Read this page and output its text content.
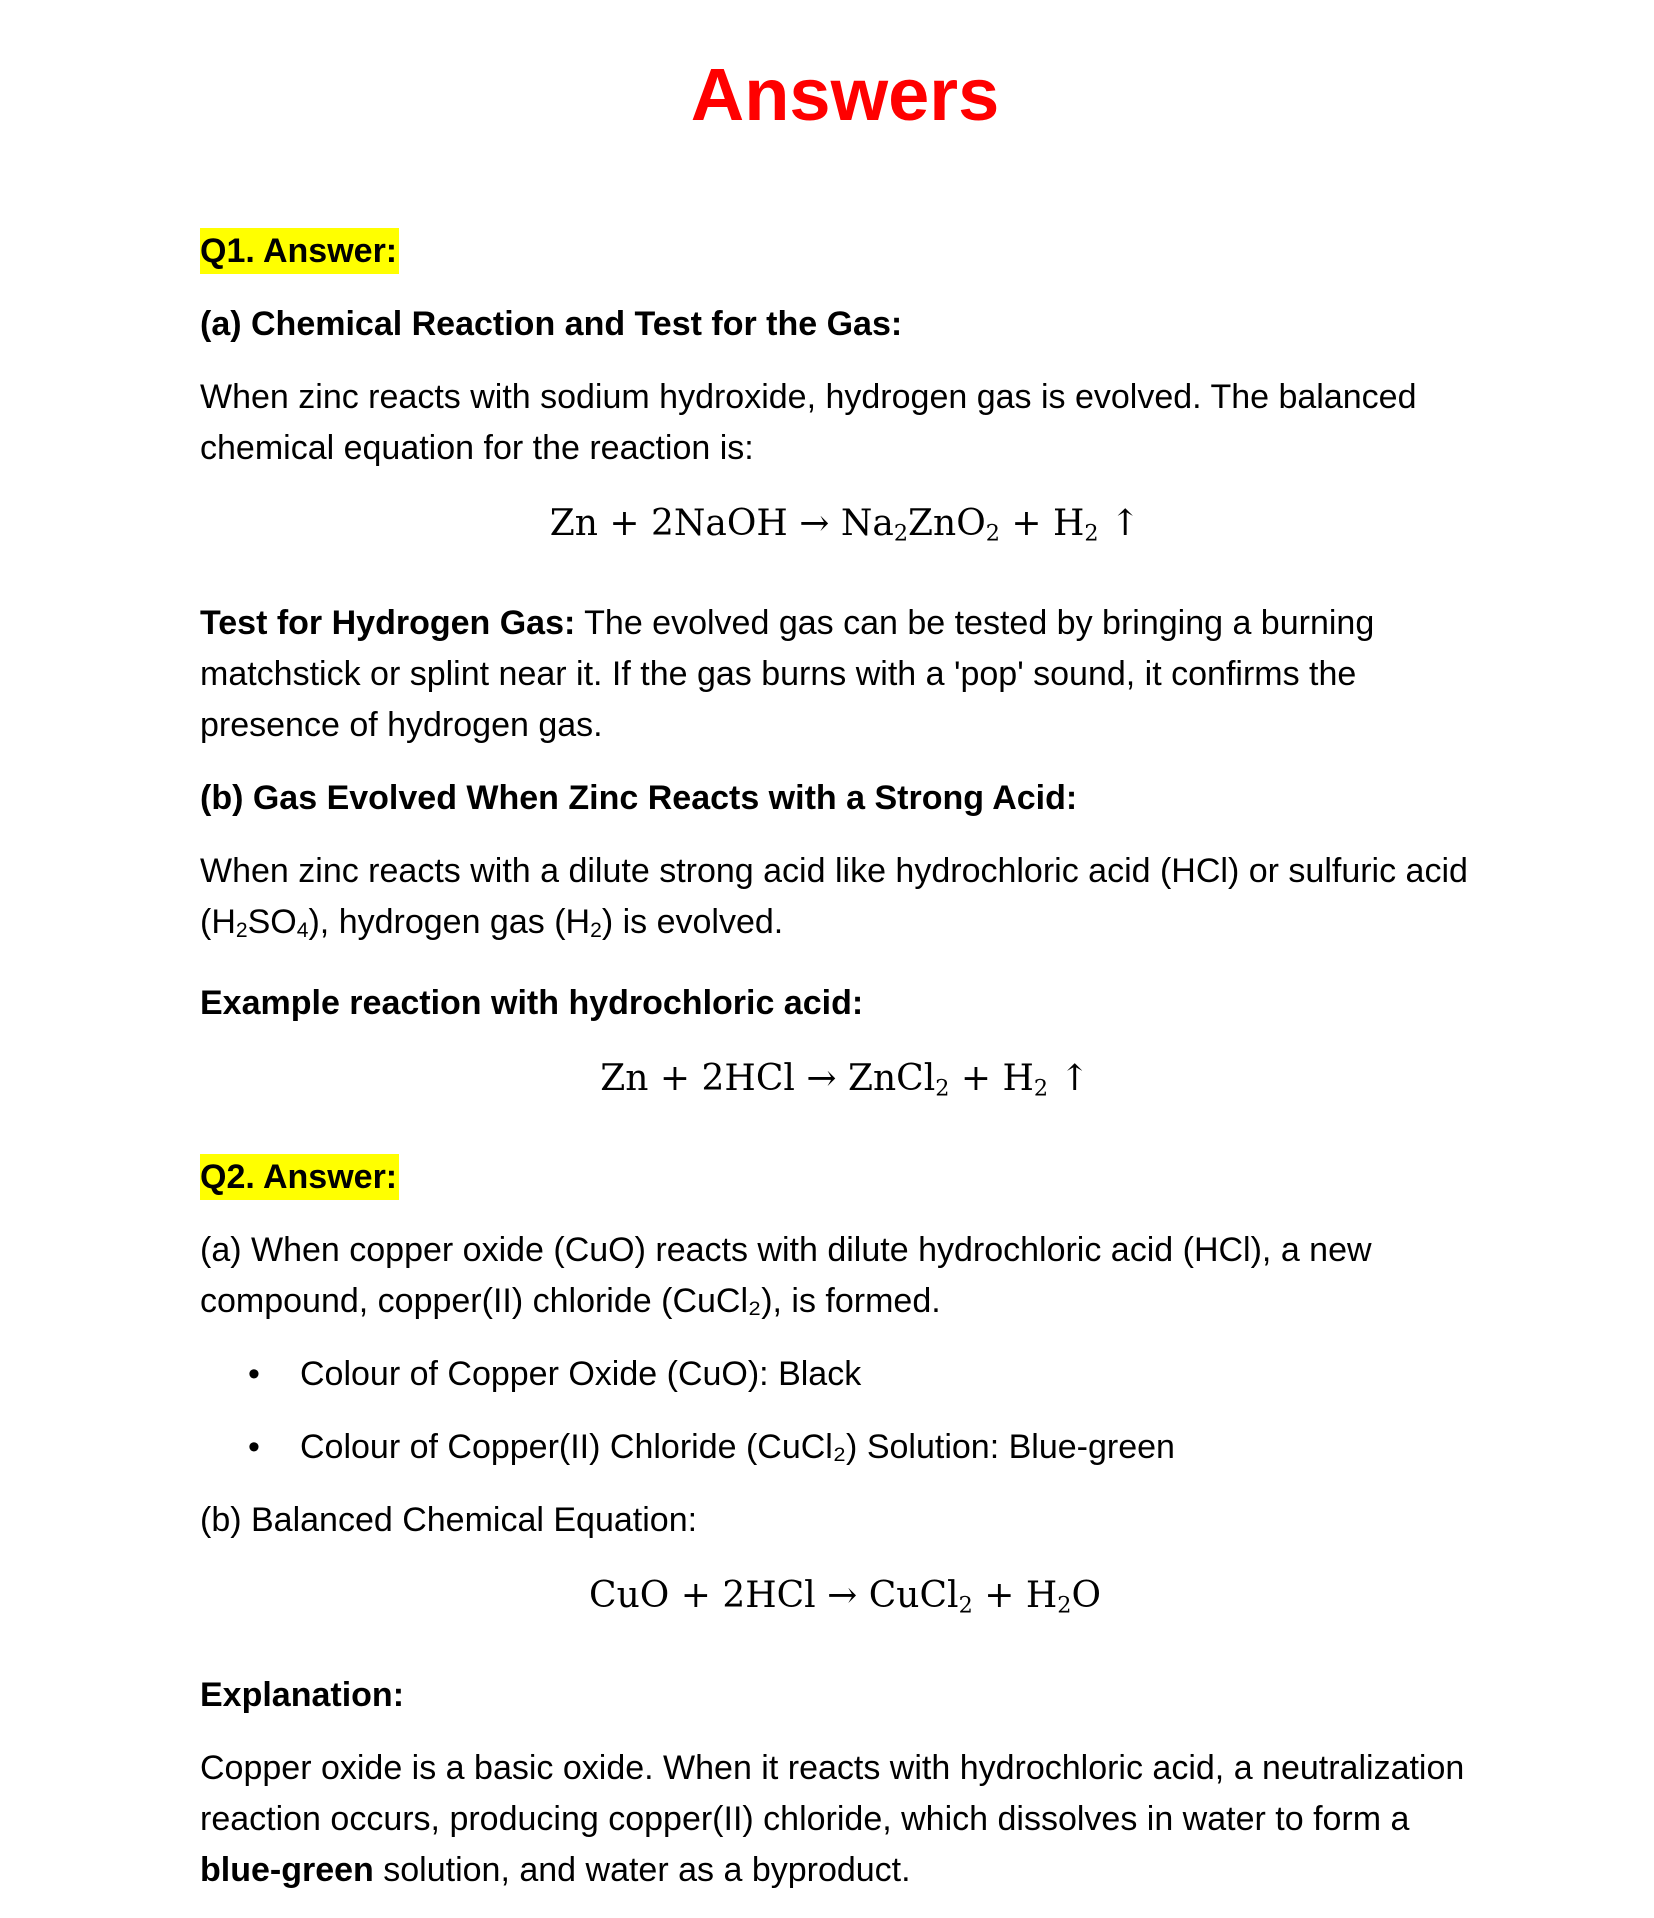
Answers
Q1. Answer:
(a) Chemical Reaction and Test for the Gas:

When zinc reacts with sodium hydroxide, hydrogen gas is evolved. The balanced chemical equation for the reaction is:

Zn + 2NaOH → $Na_2ZnO_2 + H_2$ ↑

Test for Hydrogen Gas: The evolved gas can be tested by bringing a burning matchstick or splint near it. If the gas burns with a 'pop' sound, it confirms the presence of hydrogen gas.

(b) Gas Evolved When Zinc Reacts with a Strong Acid:

When zinc reacts with a dilute strong acid like hydrochloric acid (HCl) or sulfuric acid (H2SO4), hydrogen gas (H2) is evolved.

Example reaction with hydrochloric acid:
Zn + 2HCl → ZnCl$_2$ + $H_2$ ↑
Q2. Answer:

(a) When copper oxide (CuO) reacts with dilute hydrochloric acid (HCl), a new compound, copper(II) chloride (CuCl₂), is formed.

• Colour of Copper Oxide (CuO): Black
• Colour of Copper(II) Chloride (CuCl₂) Solution: Blue-green

(b) Balanced Chemical Equation:

CuO + 2HCl → CuCl$_2$ + $H_2O$
Explanation:

Copper oxide is a basic oxide. When it reacts with hydrochloric acid, a neutralization reaction occurs, producing copper(II) chloride, which dissolves in water to form a blue-green solution, and water as a byproduct.
